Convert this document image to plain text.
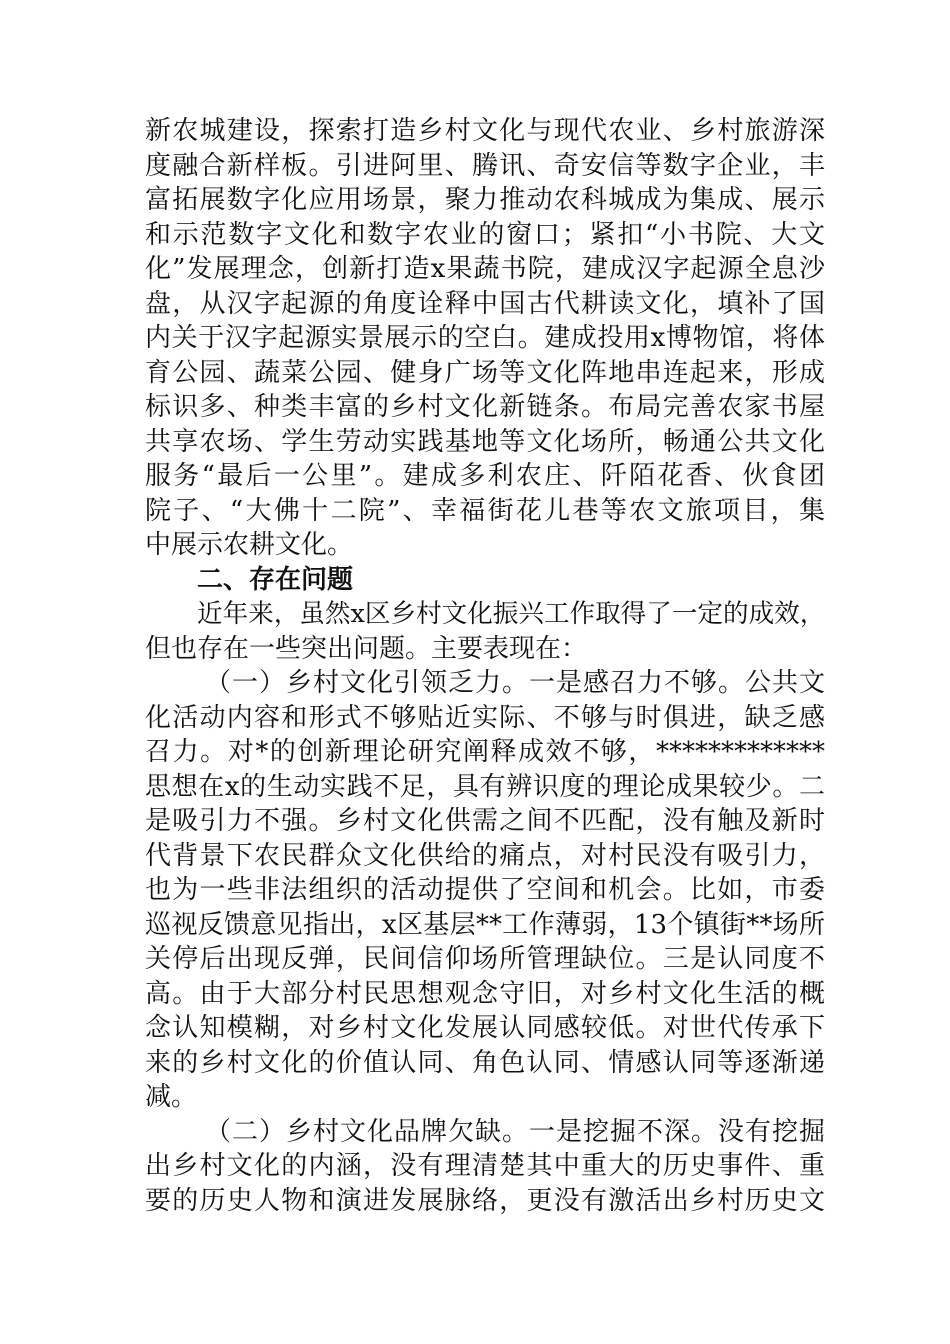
新农城建设，探索打造乡村文化与现代农业、乡村旅游深
度融合新样板。引进阿里、腾讯、奇安信等数字企业，丰
富拓展数字化应用场景，聚力推动农科城成为集成、展示
和示范数字文化和数字农业的窗口；紧扣“小书院、大文
化”发展理念，创新打造x果蔬书院，建成汉字起源全息沙
盘，从汉字起源的角度诠释中国古代耕读文化，填补了国
内关于汉字起源实景展示的空白。建成投用x博物馆，将体
育公园、蔬菜公园、健身广场等文化阵地串连起来，形成
标识多、种类丰富的乡村文化新链条。布局完善农家书屋
共享农场、学生劳动实践基地等文化场所，畅通公共文化
服务“最后一公里”。建成多利农庄、阡陌花香、伙食团
院子、“大佛十二院”、幸福街花儿巷等农文旅项目，集
中展示农耕文化。
二、存在问题
近年来，虽然x区乡村文化振兴工作取得了一定的成效，
但也存在一些突出问题。主要表现在：
（一）乡村文化引领乏力。一是感召力不够。公共文
化活动内容和形式不够贴近实际、不够与时俱进，缺乏感
召力。对*的创新理论研究阐释成效不够，*************
思想在x的生动实践不足，具有辨识度的理论成果较少。二
是吸引力不强。乡村文化供需之间不匹配，没有触及新时
代背景下农民群众文化供给的痛点，对村民没有吸引力，
也为一些非法组织的活动提供了空间和机会。比如，市委
巡视反馈意见指出，x区基层**工作薄弱，13个镇街**场所
关停后出现反弹，民间信仰场所管理缺位。三是认同度不
高。由于大部分村民思想观念守旧，对乡村文化生活的概
念认知模糊，对乡村文化发展认同感较低。对世代传承下
来的乡村文化的价值认同、角色认同、情感认同等逐渐递
减。
（二）乡村文化品牌欠缺。一是挖掘不深。没有挖掘
出乡村文化的内涵，没有理清楚其中重大的历史事件、重
要的历史人物和演进发展脉络，更没有激活出乡村历史文
